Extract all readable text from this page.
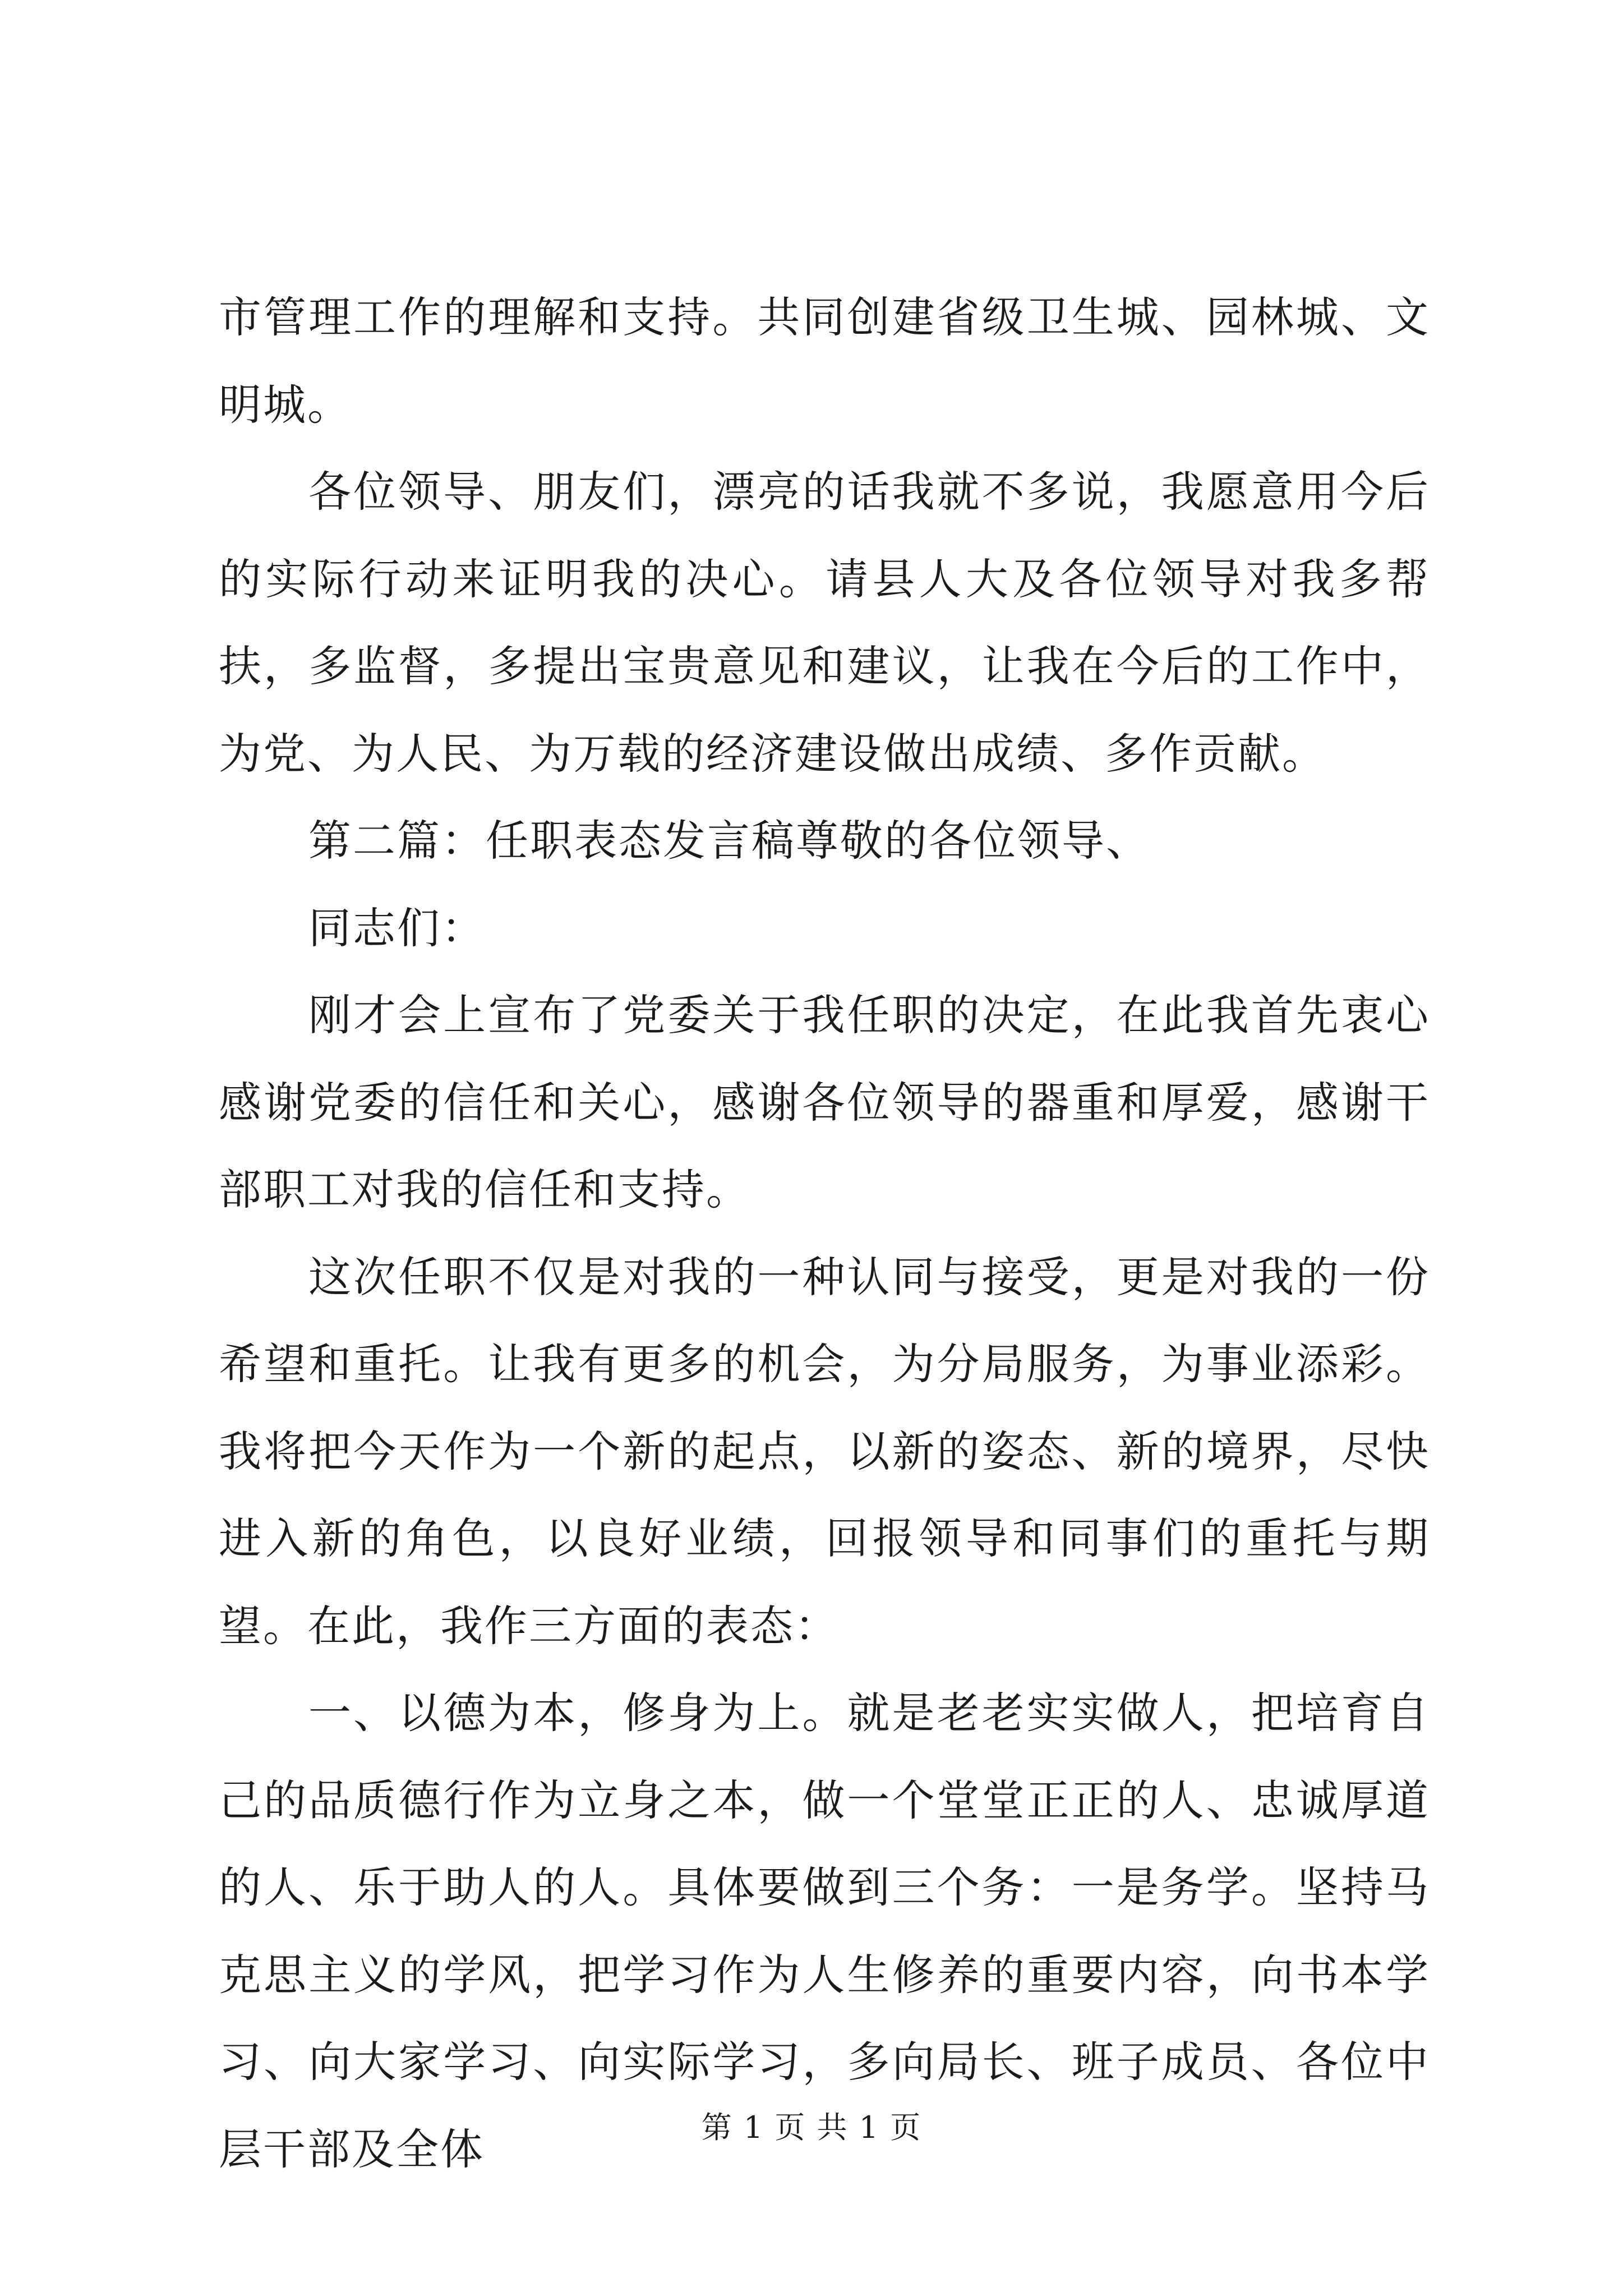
市管理工作的理解和支持。共同创建省级卫生城、园林城、文明城。

各位领导、朋友们，漂亮的话我就不多说，我愿意用今后的实际行动来证明我的决心。请县人大及各位领导对我多帮扶，多监督，多提出宝贵意见和建议，让我在今后的工作中，为党、为人民、为万载的经济建设做出成绩、多作贡献。

第二篇：任职表态发言稿尊敬的各位领导、

同志们：

刚才会上宣布了党委关于我任职的决定，在此我首先衷心感谢党委的信任和关心，感谢各位领导的器重和厚爱，感谢干部职工对我的信任和支持。

这次任职不仅是对我的一种认同与接受，更是对我的一份希望和重托。让我有更多的机会，为分局服务，为事业添彩。我将把今天作为一个新的起点，以新的姿态、新的境界，尽快进入新的角色，以良好业绩，回报领导和同事们的重托与期望。在此，我作三方面的表态：

一、以德为本，修身为上。就是老老实实做人，把培育自己的品质德行作为立身之本，做一个堂堂正正的人、忠诚厚道的人、乐于助人的人。具体要做到三个务：一是务学。坚持马克思主义的学风，把学习作为人生修养的重要内容，向书本学习、向大家学习、向实际学习，多向局长、班子成员、各位中层干部及全体	第 1 页 共 1 页
